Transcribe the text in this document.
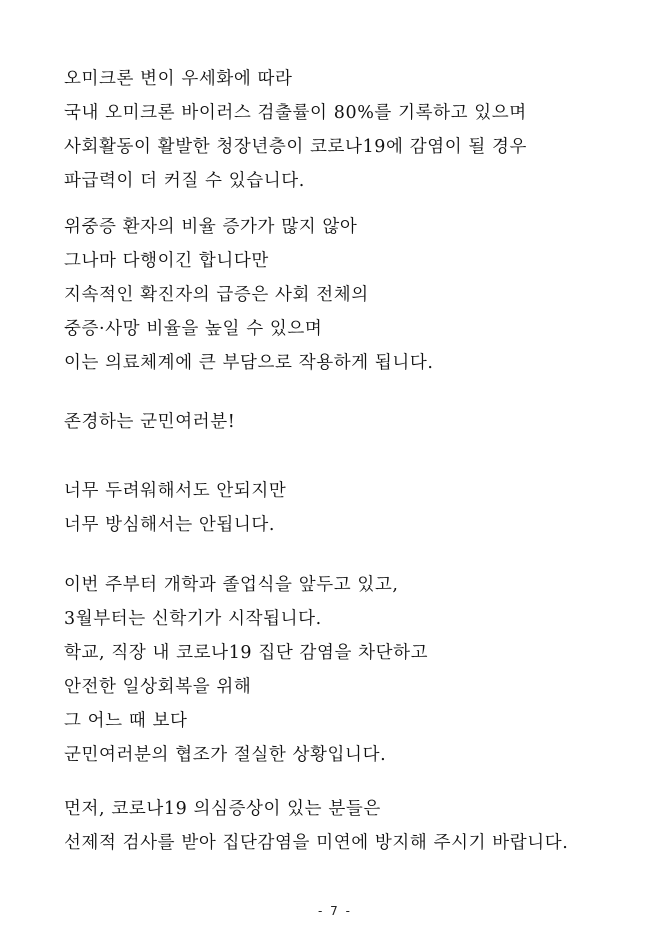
오미크론 변이 우세화에 따라
국내 오미크론 바이러스 검출률이 80%를 기록하고 있으며
사회활동이 활발한 청장년층이 코로나19에 감염이 될 경우
파급력이 더 커질 수 있습니다.
위중증 환자의 비율 증가가 많지 않아
그나마 다행이긴 합니다만
지속적인 확진자의 급증은 사회 전체의
중증·사망 비율을 높일 수 있으며
이는 의료체계에 큰 부담으로 작용하게 됩니다.
존경하는 군민여러분!
너무 두려워해서도 안되지만
너무 방심해서는 안됩니다.
이번 주부터 개학과 졸업식을 앞두고 있고,
3월부터는 신학기가 시작됩니다.
학교, 직장 내 코로나19 집단 감염을 차단하고
안전한 일상회복을 위해
그 어느 때 보다
군민여러분의 협조가 절실한 상황입니다.
먼저, 코로나19 의심증상이 있는 분들은
선제적 검사를 받아 집단감염을 미연에 방지해 주시기 바랍니다.
- 7 -
